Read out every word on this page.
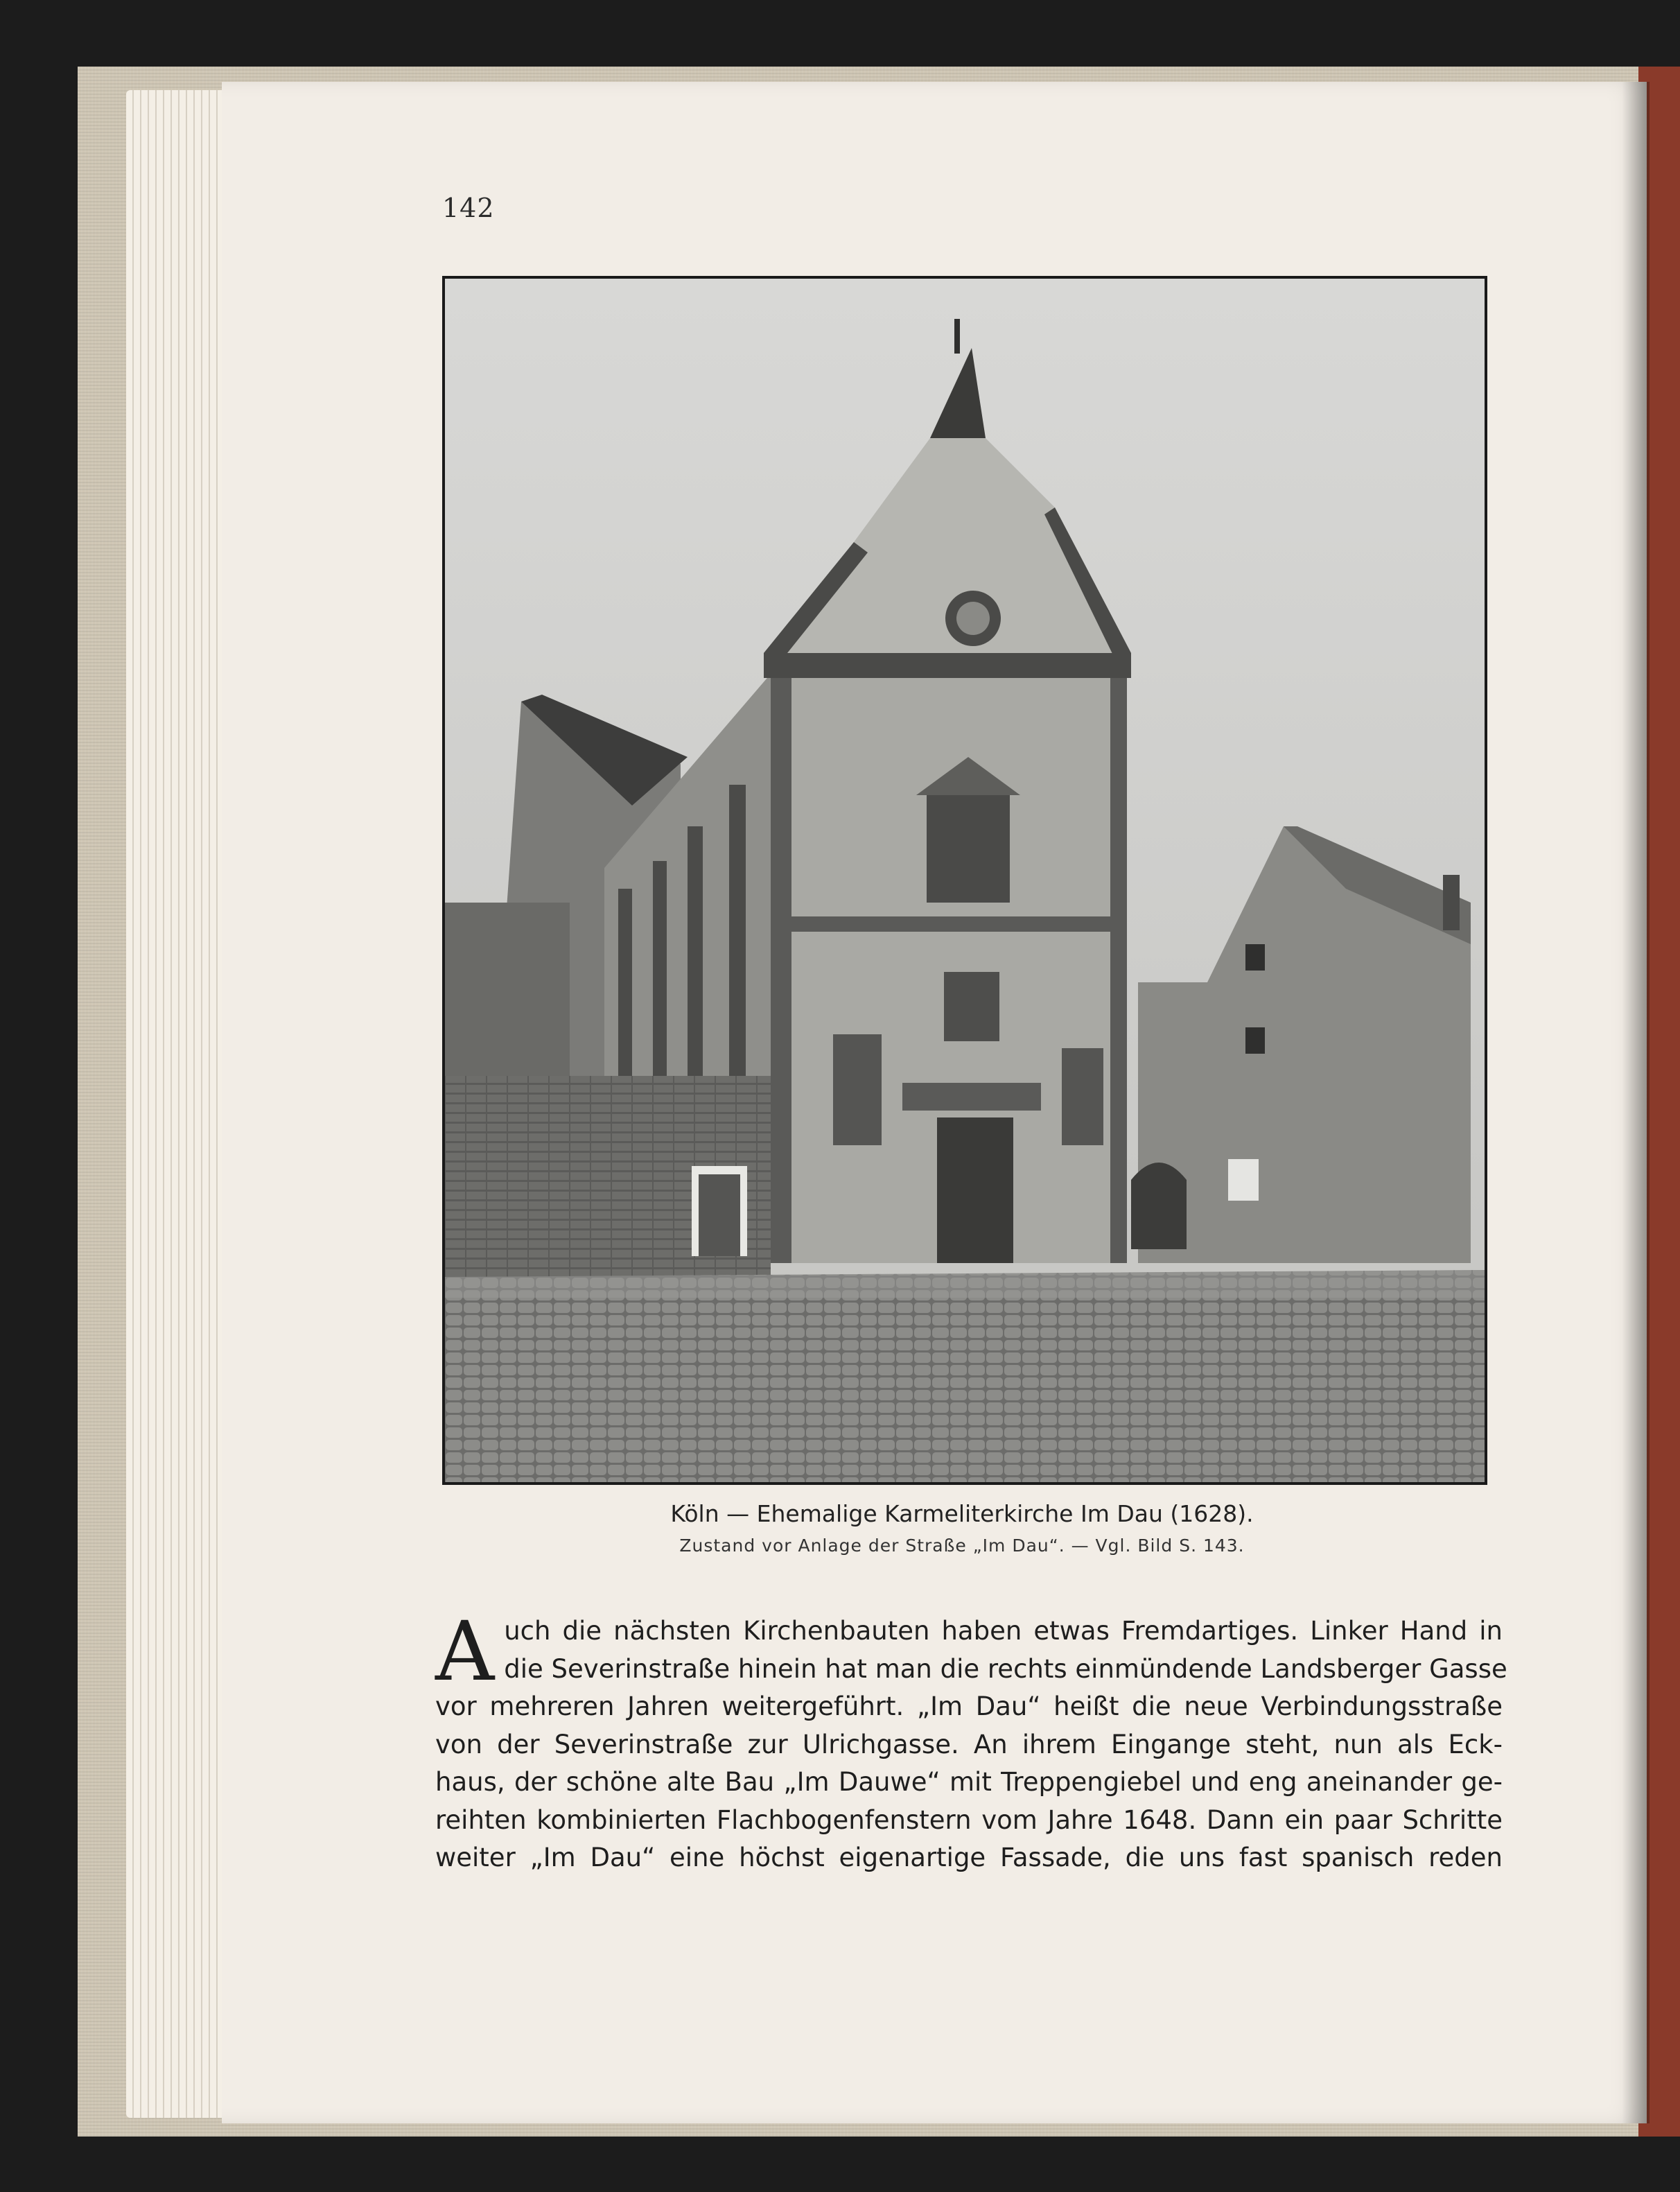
142
Köln — Ehemalige Karmeliterkirche Im Dau (1628).
Zustand vor Anlage der Straße „Im Dau“. — Vgl. Bild S. 143.
A uch die nächsten Kirchenbauten haben etwas Fremdartiges. Linker Hand in
die Severinstraße hinein hat man die rechts einmündende Landsberger Gasse
vor mehreren Jahren weitergeführt. „Im Dau“ heißt die neue Verbindungsstraße
von der Severinstraße zur Ulrichgasse. An ihrem Eingange steht, nun als Eck-
haus, der schöne alte Bau „Im Dauwe“ mit Treppengiebel und eng aneinander ge-
reihten kombinierten Flachbogenfenstern vom Jahre 1648. Dann ein paar Schritte
weiter „Im Dau“ eine höchst eigenartige Fassade, die uns fast spanisch reden
